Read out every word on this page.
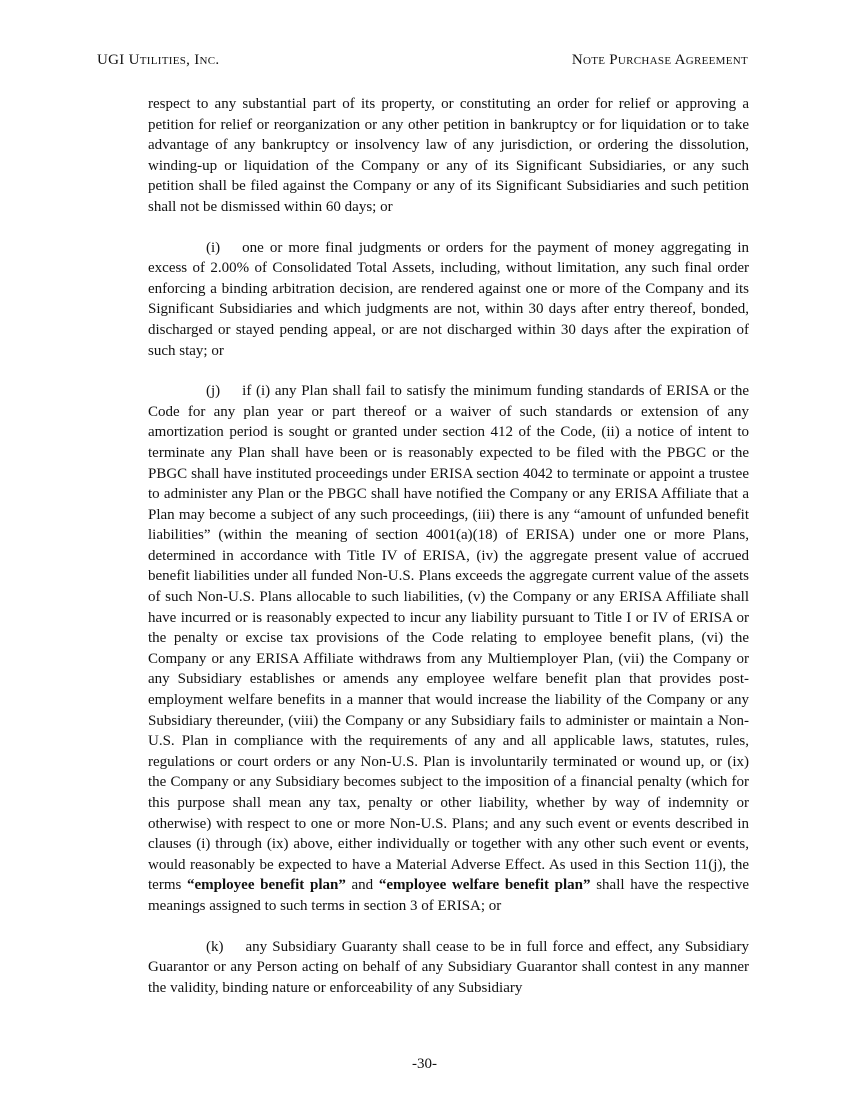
UGI Utilities, Inc.	Note Purchase Agreement

respect to any substantial part of its property, or constituting an order for relief or approving a petition for relief or reorganization or any other petition in bankruptcy or for liquidation or to take advantage of any bankruptcy or insolvency law of any jurisdiction, or ordering the dissolution, winding-up or liquidation of the Company or any of its Significant Subsidiaries, or any such petition shall be filed against the Company or any of its Significant Subsidiaries and such petition shall not be dismissed within 60 days; or

(i) one or more final judgments or orders for the payment of money aggregating in excess of 2.00% of Consolidated Total Assets, including, without limitation, any such final order enforcing a binding arbitration decision, are rendered against one or more of the Company and its Significant Subsidiaries and which judgments are not, within 30 days after entry thereof, bonded, discharged or stayed pending appeal, or are not discharged within 30 days after the expiration of such stay; or

(j) if (i) any Plan shall fail to satisfy the minimum funding standards of ERISA or the Code for any plan year or part thereof or a waiver of such standards or extension of any amortization period is sought or granted under section 412 of the Code, (ii) a notice of intent to terminate any Plan shall have been or is reasonably expected to be filed with the PBGC or the PBGC shall have instituted proceedings under ERISA section 4042 to terminate or appoint a trustee to administer any Plan or the PBGC shall have notified the Company or any ERISA Affiliate that a Plan may become a subject of any such proceedings, (iii) there is any “amount of unfunded benefit liabilities” (within the meaning of section 4001(a)(18) of ERISA) under one or more Plans, determined in accordance with Title IV of ERISA, (iv) the aggregate present value of accrued benefit liabilities under all funded Non-U.S. Plans exceeds the aggregate current value of the assets of such Non-U.S. Plans allocable to such liabilities, (v) the Company or any ERISA Affiliate shall have incurred or is reasonably expected to incur any liability pursuant to Title I or IV of ERISA or the penalty or excise tax provisions of the Code relating to employee benefit plans, (vi) the Company or any ERISA Affiliate withdraws from any Multiemployer Plan, (vii) the Company or any Subsidiary establishes or amends any employee welfare benefit plan that provides post-employment welfare benefits in a manner that would increase the liability of the Company or any Subsidiary thereunder, (viii) the Company or any Subsidiary fails to administer or maintain a Non-U.S. Plan in compliance with the requirements of any and all applicable laws, statutes, rules, regulations or court orders or any Non-U.S. Plan is involuntarily terminated or wound up, or (ix) the Company or any Subsidiary becomes subject to the imposition of a financial penalty (which for this purpose shall mean any tax, penalty or other liability, whether by way of indemnity or otherwise) with respect to one or more Non-U.S. Plans; and any such event or events described in clauses (i) through (ix) above, either individually or together with any other such event or events, would reasonably be expected to have a Material Adverse Effect. As used in this Section 11(j), the terms “employee benefit plan” and “employee welfare benefit plan” shall have the respective meanings assigned to such terms in section 3 of ERISA; or

(k) any Subsidiary Guaranty shall cease to be in full force and effect, any Subsidiary Guarantor or any Person acting on behalf of any Subsidiary Guarantor shall contest in any manner the validity, binding nature or enforceability of any Subsidiary

-30-
